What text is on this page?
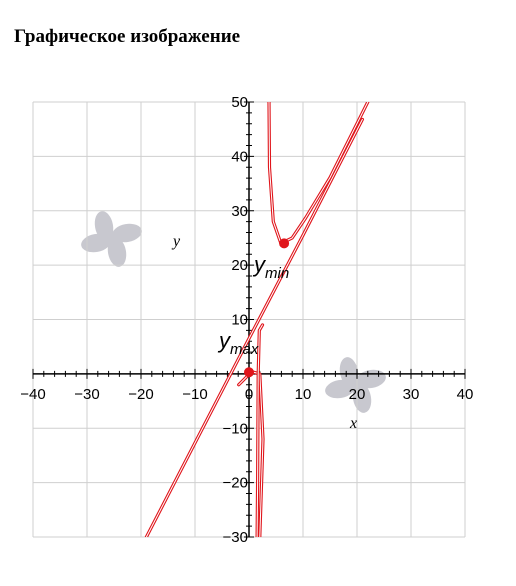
Графическое изображение
−40 −30 −20 −10 0	10 20 30 40
−30
−20
−10
10
20
30
40
50
x
y
$y_{min}$
$y_{max}$
